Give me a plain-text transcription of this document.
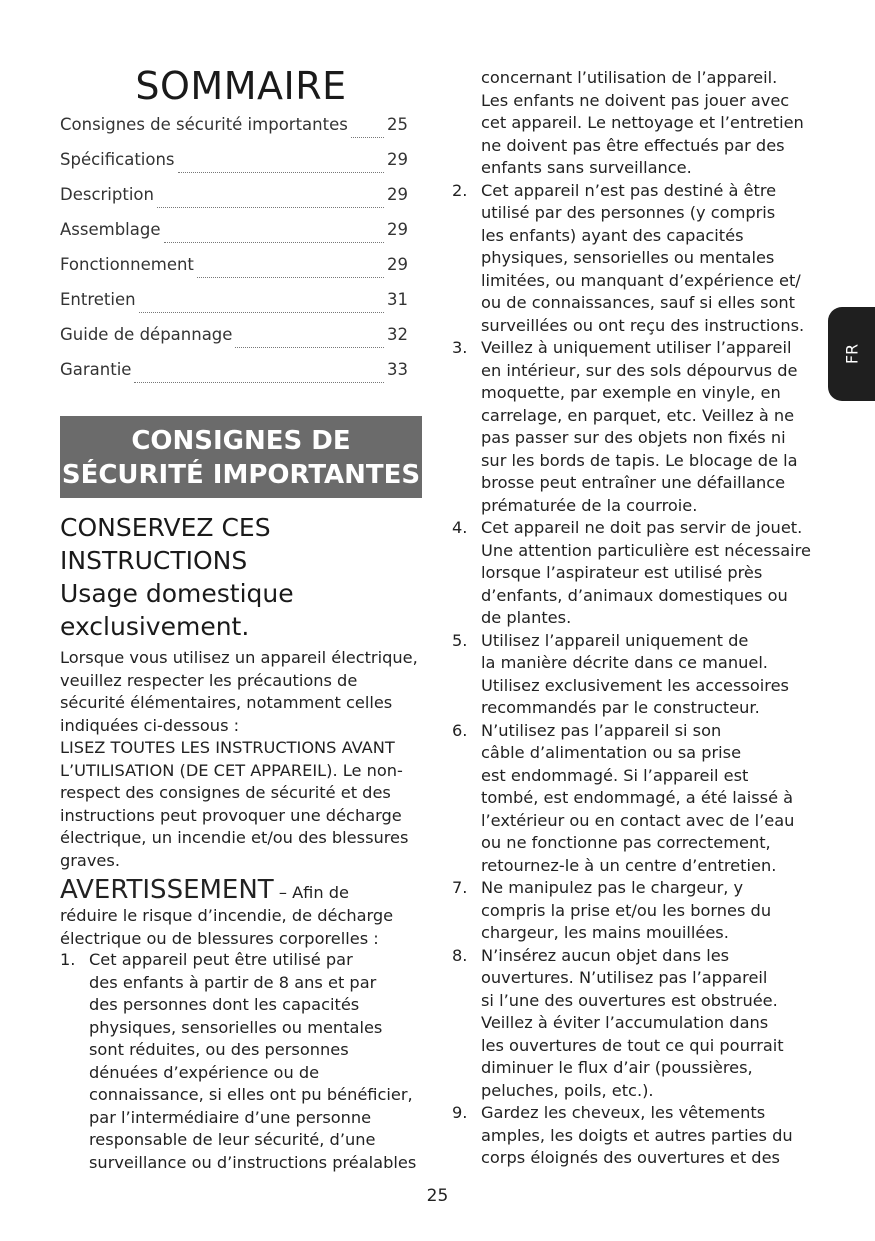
SOMMAIRE
Consignes de sécurité importantes 25
Spécifications	29
Description	29
Assemblage	29
Fonctionnement	29
Entretien	31
Guide de dépannage	32
Garantie	33
CONSIGNES DE
SÉCURITÉ IMPORTANTES
CONSERVEZ CES
INSTRUCTIONS
Usage domestique
exclusivement.
Lorsque vous utilisez un appareil électrique,
veuillez respecter les précautions de
sécurité élémentaires, notamment celles
indiquées ci-dessous :
LISEZ TOUTES LES INSTRUCTIONS AVANT
L’UTILISATION (DE CET APPAREIL). Le non-
respect des consignes de sécurité et des
instructions peut provoquer une décharge
électrique, un incendie et/ou des blessures
graves.
AVERTISSEMENT – Afin de
réduire le risque d’incendie, de décharge
électrique ou de blessures corporelles :
1. Cet appareil peut être utilisé par
des enfants à partir de 8 ans et par
des personnes dont les capacités
physiques, sensorielles ou mentales
sont réduites, ou des personnes
dénuées d’expérience ou de
connaissance, si elles ont pu bénéficier,
par l’intermédiaire d’une personne
responsable de leur sécurité, d’une
surveillance ou d’instructions préalables
concernant l’utilisation de l’appareil.
Les enfants ne doivent pas jouer avec
cet appareil. Le nettoyage et l’entretien
ne doivent pas être effectués par des
enfants sans surveillance.
2. Cet appareil n’est pas destiné à être
utilisé par des personnes (y compris
les enfants) ayant des capacités
physiques, sensorielles ou mentales
limitées, ou manquant d’expérience et/
ou de connaissances, sauf si elles sont
surveillées ou ont reçu des instructions.
3. Veillez à uniquement utiliser l’appareil
en intérieur, sur des sols dépourvus de
moquette, par exemple en vinyle, en
carrelage, en parquet, etc. Veillez à ne
pas passer sur des objets non fixés ni
sur les bords de tapis. Le blocage de la
brosse peut entraîner une défaillance
prématurée de la courroie.
4. Cet appareil ne doit pas servir de jouet.
Une attention particulière est nécessaire
lorsque l’aspirateur est utilisé près
d’enfants, d’animaux domestiques ou
de plantes.
5. Utilisez l’appareil uniquement de
la manière décrite dans ce manuel.
Utilisez exclusivement les accessoires
recommandés par le constructeur.
6. N’utilisez pas l’appareil si son
câble d’alimentation ou sa prise
est endommagé. Si l’appareil est
tombé, est endommagé, a été laissé à
l’extérieur ou en contact avec de l’eau
ou ne fonctionne pas correctement,
retournez-le à un centre d’entretien.
7. Ne manipulez pas le chargeur, y
compris la prise et/ou les bornes du
chargeur, les mains mouillées.
8. N’insérez aucun objet dans les
ouvertures. N’utilisez pas l’appareil
si l’une des ouvertures est obstruée.
Veillez à éviter l’accumulation dans
les ouvertures de tout ce qui pourrait
diminuer le flux d’air (poussières,
peluches, poils, etc.).
9. Gardez les cheveux, les vêtements
amples, les doigts et autres parties du
corps éloignés des ouvertures et des
25
FR
